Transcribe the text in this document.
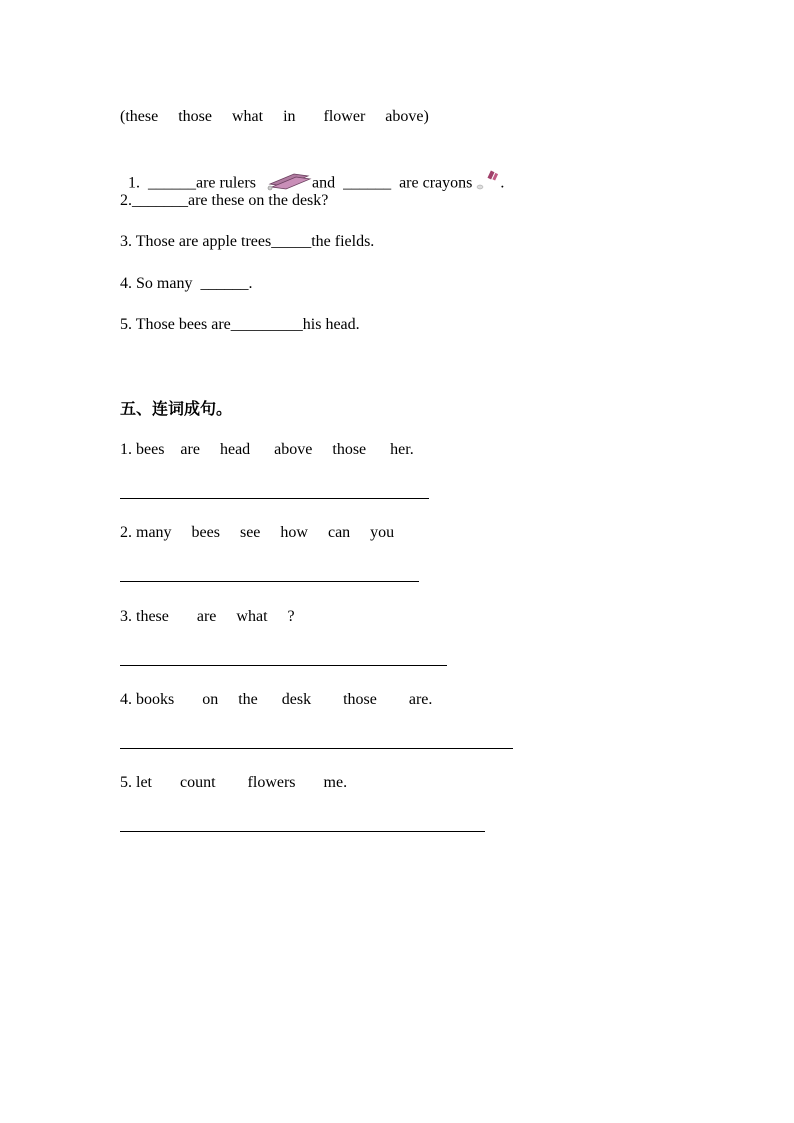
(these     those     what     in       flower     above)

1.  ______are rulers	and  ______  are crayons .

2._______are these on the desk?
3. Those are apple trees_____the fields.
4. So many  ______.
5. Those bees are_________his head.
五、连词成句。
1. bees    are     head      above     those      her.
2. many     bees     see     how     can     you
3. these       are     what     ?
4. books       on     the      desk        those        are.
5. let       count        flowers       me.
